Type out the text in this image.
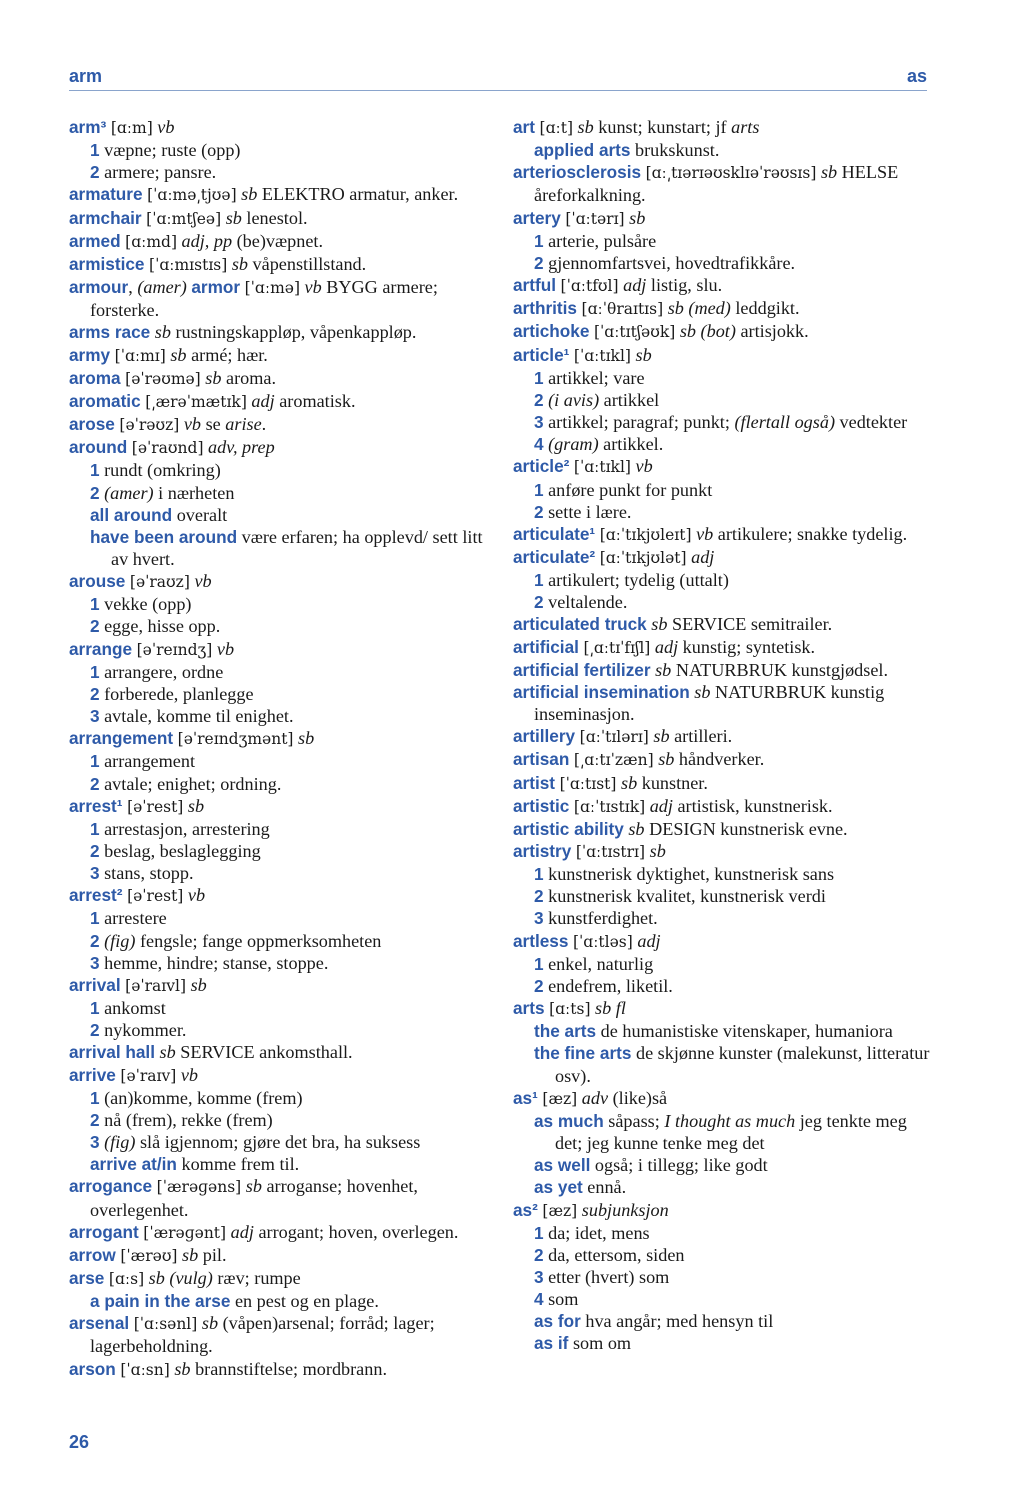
arm	as

arm³ [ɑːm] vb

1 væpne; ruste (opp)

2 armere; pansre.

armature [ˈɑːmə͵tjʊə] sb ELEKTRO armatur, anker.

armchair [ˈɑːmtʃeə] sb lenestol.

armed [ɑːmd] adj, pp (be)væpnet.

armistice [ˈɑːmɪstɪs] sb våpenstillstand.

armour, (amer) armor [ˈɑːmə] vb BYGG armere; forsterke.

arms race sb rustningskappløp, våpenkappløp.

army [ˈɑːmɪ] sb armé; hær.

aroma [əˈrəʊmə] sb aroma.

aromatic [͵ærəˈmætɪk] adj aromatisk.

arose [əˈrəʊz] vb se arise.

around [əˈraʊnd] adv, prep

1 rundt (omkring)

2 (amer) i nærheten

all around overalt

have been around være erfaren; ha opplevd/ sett litt av hvert.

arouse [əˈraʊz] vb

1 vekke (opp)

2 egge, hisse opp.

arrange [əˈreɪndʒ] vb

1 arrangere, ordne

2 forberede, planlegge

3 avtale, komme til enighet.

arrangement [əˈreɪndʒmənt] sb

1 arrangement

2 avtale; enighet; ordning.

arrest¹ [əˈrest] sb

1 arrestasjon, arrestering

2 beslag, beslaglegging

3 stans, stopp.

arrest² [əˈrest] vb

1 arrestere

2 (fig) fengsle; fange oppmerksomheten

3 hemme, hindre; stanse, stoppe.

arrival [əˈraɪvl] sb

1 ankomst

2 nykommer.

arrival hall sb SERVICE ankomsthall.

arrive [əˈraɪv] vb

1 (an)komme, komme (frem)

2 nå (frem), rekke (frem)

3 (fig) slå igjennom; gjøre det bra, ha suksess

arrive at/in komme frem til.

arrogance [ˈærəɡəns] sb arroganse; hovenhet, overlegenhet.

arrogant [ˈærəɡənt] adj arrogant; hoven, overlegen.

arrow [ˈærəʊ] sb pil.

arse [ɑːs] sb (vulg) ræv; rumpe

a pain in the arse en pest og en plage.

arsenal [ˈɑːsənl] sb (våpen)arsenal; forråd; lager; lagerbeholdning.

arson [ˈɑːsn] sb brannstiftelse; mordbrann.

art [ɑːt] sb kunst; kunstart; jf arts

applied arts brukskunst.

arteriosclerosis [ɑː͵tɪərɪəʊsklɪəˈrəʊsɪs] sb HELSE åreforkalkning.

artery [ˈɑːtərɪ] sb

1 arterie, pulsåre

2 gjennomfartsvei, hovedtrafikkåre.

artful [ˈɑːtfʊl] adj listig, slu.

arthritis [ɑːˈθraɪtɪs] sb (med) leddgikt.

artichoke [ˈɑːtɪtʃəʊk] sb (bot) artisjokk.

article¹ [ˈɑːtɪkl] sb

1 artikkel; vare

2 (i avis) artikkel

3 artikkel; paragraf; punkt; (flertall også) vedtekter

4 (gram) artikkel.

article² [ˈɑːtɪkl] vb

1 anføre punkt for punkt

2 sette i lære.

articulate¹ [ɑːˈtɪkjʊleɪt] vb artikulere; snakke tydelig.

articulate² [ɑːˈtɪkjʊlət] adj

1 artikulert; tydelig (uttalt)

2 veltalende.

articulated truck sb SERVICE semitrailer.

artificial [͵ɑːtɪˈfɪʃl] adj kunstig; syntetisk.

artificial fertilizer sb NATURBRUK kunstgjødsel.

artificial insemination sb NATURBRUK kunstig inseminasjon.

artillery [ɑːˈtɪlərɪ] sb artilleri.

artisan [͵ɑːtɪˈzæn] sb håndverker.

artist [ˈɑːtɪst] sb kunstner.

artistic [ɑːˈtɪstɪk] adj artistisk, kunstnerisk.

artistic ability sb DESIGN kunstnerisk evne.

artistry [ˈɑːtɪstrɪ] sb

1 kunstnerisk dyktighet, kunstnerisk sans

2 kunstnerisk kvalitet, kunstnerisk verdi

3 kunstferdighet.

artless [ˈɑːtləs] adj

1 enkel, naturlig

2 endefrem, liketil.

arts [ɑːts] sb fl

the arts de humanistiske vitenskaper, humaniora

the fine arts de skjønne kunster (malekunst, litteratur osv).

as¹ [æz] adv (like)så

as much såpass; I thought as much jeg tenkte meg det; jeg kunne tenke meg det

as well også; i tillegg; like godt

as yet ennå.

as² [æz] subjunksjon

1 da; idet, mens

2 da, ettersom, siden

3 etter (hvert) som

4 som

as for hva angår; med hensyn til

as if som om

26
